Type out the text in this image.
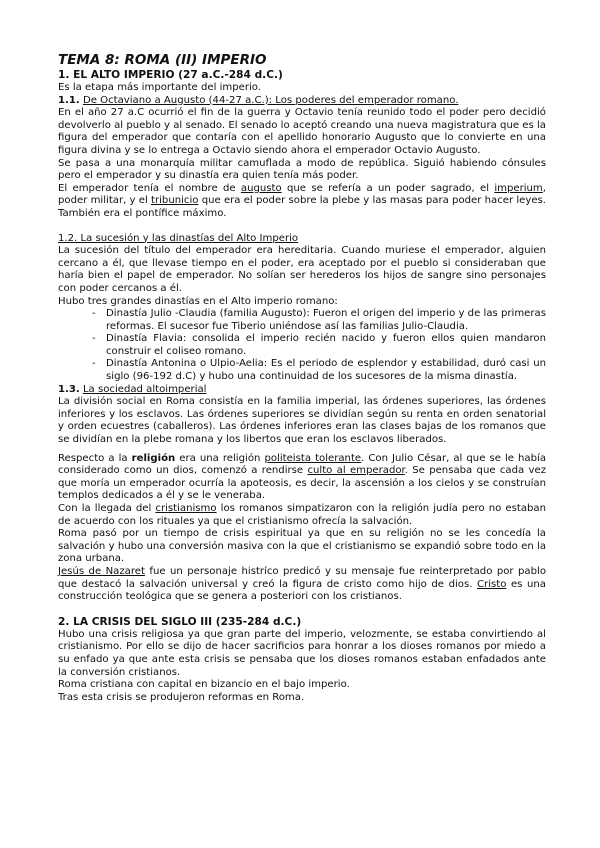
TEMA 8: ROMA (II) IMPERIO
1. EL ALTO IMPERIO (27 a.C.-284 d.C.)

Es la etapa más importante del imperio.

1.1. De Octaviano a Augusto (44-27 a.C.): Los poderes del emperador romano.

En el año 27 a.C ocurrió el fin de la guerra y Octavio tenía reunido todo el poder pero decidió devolverlo al pueblo y al senado. El senado lo aceptó creando una nueva magistratura que es la figura del emperador que contaría con el apellido honorario Augusto que lo convierte en una figura divina y se lo entrega a Octavio siendo ahora el emperador Octavio Augusto.

Se pasa a una monarquía militar camuflada a modo de república. Siguió habiendo cónsules pero el emperador y su dinastía era quien tenía más poder.

El emperador tenía el nombre de augusto que se refería a un poder sagrado, el imperium, poder militar, y el tribunicio que era el poder sobre la plebe y las masas para poder hacer leyes. También era el pontífice máximo.

1.2. La sucesión y las dinastías del Alto Imperio

La sucesión del título del emperador era hereditaria. Cuando muriese el emperador, alguien cercano a él, que llevase tiempo en el poder, era aceptado por el pueblo si consideraban que haría bien el papel de emperador. No solían ser herederos los hijos de sangre sino personajes con poder cercanos a él.

Hubo tres grandes dinastías en el Alto imperio romano:

- Dinastía Julio -Claudia (familia Augusto): Fueron el origen del imperio y de las primeras reformas. El sucesor fue Tiberio uniéndose así las familias Julio-Claudia.
- Dinastía Flavia: consolida el imperio recién nacido y fueron ellos quien mandaron construir el coliseo romano.
- Dinastía Antonina o Ulpio-Aelia: Es el periodo de esplendor y estabilidad, duró casi un siglo (96-192 d.C) y hubo una continuidad de los sucesores de la misma dinastía.
1.3. La sociedad altoimperial

La división social en Roma consistía en la familia imperial, las órdenes superiores, las órdenes inferiores y los esclavos. Las órdenes superiores se dividían según su renta en orden senatorial y orden ecuestres (caballeros). Las órdenes inferiores eran las clases bajas de los romanos que se dividían en la plebe romana y los libertos que eran los esclavos liberados.

Respecto a la religión era una religión politeista tolerante. Con Julio César, al que se le había considerado como un dios, comenzó a rendirse culto al emperador. Se pensaba que cada vez que moría un emperador ocurría la apoteosis, es decir, la ascensión a los cielos y se construían templos dedicados a él y se le veneraba.

Con la llegada del cristianismo los romanos simpatizaron con la religión judía pero no estaban de acuerdo con los rituales ya que el cristianismo ofrecía la salvación.

Roma pasó por un tiempo de crisis espiritual ya que en su religión no se les concedía la salvación y hubo una conversión masiva con la que el cristianismo se expandió sobre todo en la zona urbana.

Jesús de Nazaret fue un personaje histríco predicó y su mensaje fue reinterpretado por pablo que destacó la salvación universal y creó la figura de cristo como hijo de dios. Cristo es una construcción teológica que se genera a posteriori con los cristianos.

2. LA CRISIS DEL SIGLO III (235-284 d.C.)

Hubo una crisis religiosa ya que gran parte del imperio, velozmente, se estaba convirtiendo al cristianismo. Por ello se dijo de hacer sacrificios para honrar a los dioses romanos por miedo a su enfado ya que ante esta crisis se pensaba que los dioses romanos estaban enfadados ante la conversión cristianos.

Roma cristiana con capital en bizancio en el bajo imperio.

Tras esta crisis se produjeron reformas en Roma.
